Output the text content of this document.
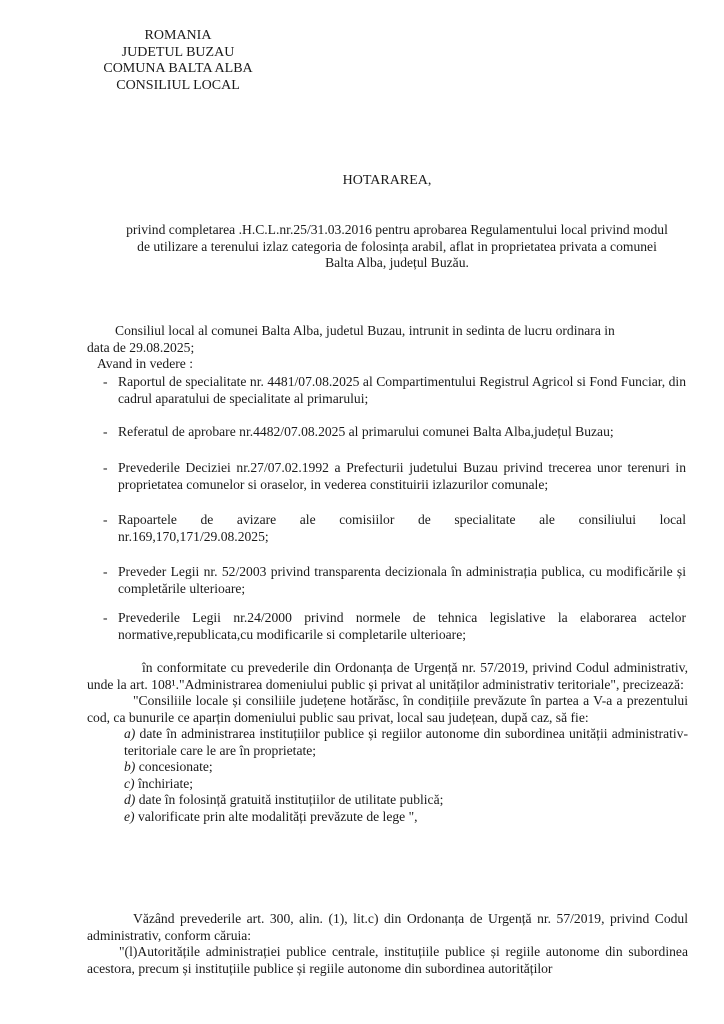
ROMANIA
JUDETUL BUZAU
COMUNA BALTA ALBA
CONSILIUL LOCAL
HOTARAREA,
privind completarea .H.C.L.nr.25/31.03.2016 pentru aprobarea Regulamentului local privind modul
de utilizare a terenului izlaz categoria de folosința arabil, aflat in proprietatea privata a comunei
Balta Alba, județul Buzău.
Consiliul local al comunei Balta Alba, judetul Buzau, intrunit in sedinta de lucru ordinara in
data de 29.08.2025;
Avand in vedere :
- Raportul de specialitate nr. 4481/07.08.2025 al Compartimentului Registrul Agricol si Fond Funciar, din cadrul aparatului de specialitate al primarului;
- Referatul de aprobare nr.4482/07.08.2025 al primarului comunei Balta Alba,județul Buzau;
- Prevederile Deciziei nr.27/07.02.1992 a Prefecturii judetului Buzau privind trecerea unor terenuri in proprietatea comunelor si oraselor, in vederea constituirii izlazurilor comunale;
- Rapoartele de avizare ale comisiilor de specialitate ale consiliului local
nr.169,170,171/29.08.2025;
- Preveder Legii nr. 52/2003 privind transparenta decizionala în administrația publica, cu modificările și completările ulterioare;
- Prevederile Legii nr.24/2000 privind normele de tehnica legislative la elaborarea actelor normative,republicata,cu modificarile si completarile ulterioare;
în conformitate cu prevederile din Ordonanța de Urgență nr. 57/2019, privind Codul administrativ, unde la art. 108¹."Administrarea domeniului public și privat al unităților administrativ teritoriale", precizează:
"Consiliile locale și consiliile județene hotărăsc, în condițiile prevăzute în partea a V-a a prezentului cod, ca bunurile ce aparțin domeniului public sau privat, local sau județean, după caz, să fie:
a) date în administrarea instituțiilor publice și regiilor autonome din subordinea unității administrativ-teritoriale care le are în proprietate;
b) concesionate;
c) închiriate;
d) date în folosință gratuită instituțiilor de utilitate publică;
e) valorificate prin alte modalități prevăzute de lege ",
Văzând prevederile art. 300, alin. (1), lit.c) din Ordonanța de Urgență nr. 57/2019, privind Codul administrativ, conform căruia:
"(l)Autoritățile administrației publice centrale, instituțiile publice și regiile autonome din subordinea acestora, precum și instituțiile publice și regiile autonome din subordinea autorităților
